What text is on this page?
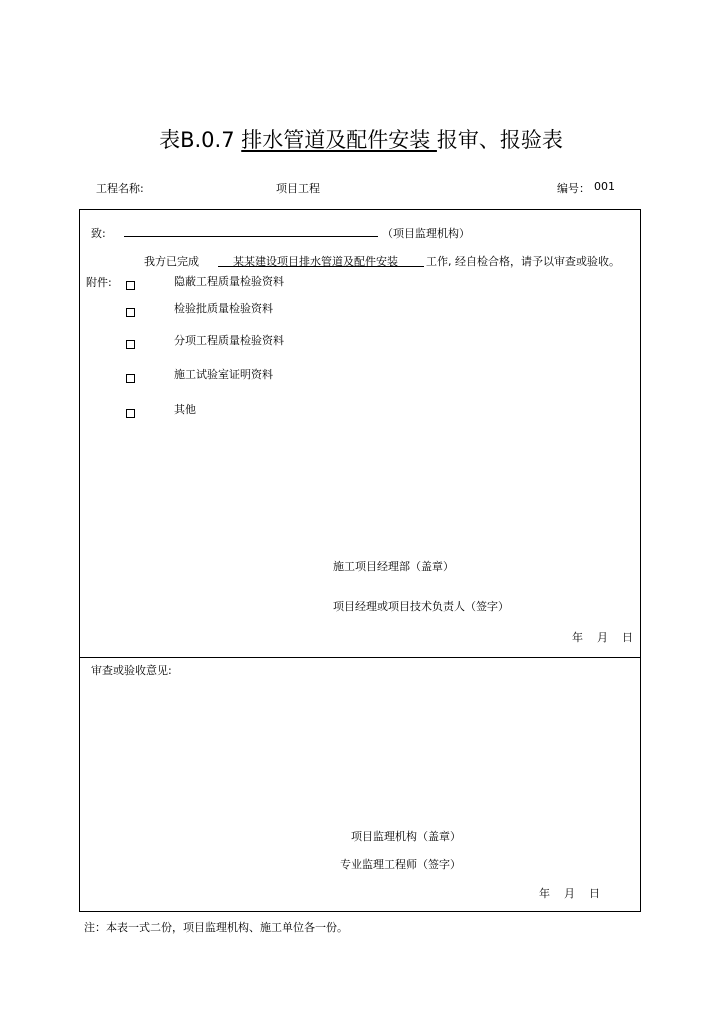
表B.0.7 排水管道及配件安装 报审、报验表
工程名称:	项目工程	编号： 001
致:	（项目监理机构）
我方已完成	某某建设项目排水管道及配件安装	工作, 经自检合格，请予以审查或验收。
附件:	隐蔽工程质量检验资料
检验批质量检验资料
分项工程质量检验资料
施工试验室证明资料
其他
施工项目经理部（盖章）
项目经理或项目技术负责人（签字）
年    月    日
审查或验收意见:
项目监理机构（盖章）
专业监理工程师（签字）
年    月    日
注：本表一式二份，项目监理机构、施工单位各一份。
